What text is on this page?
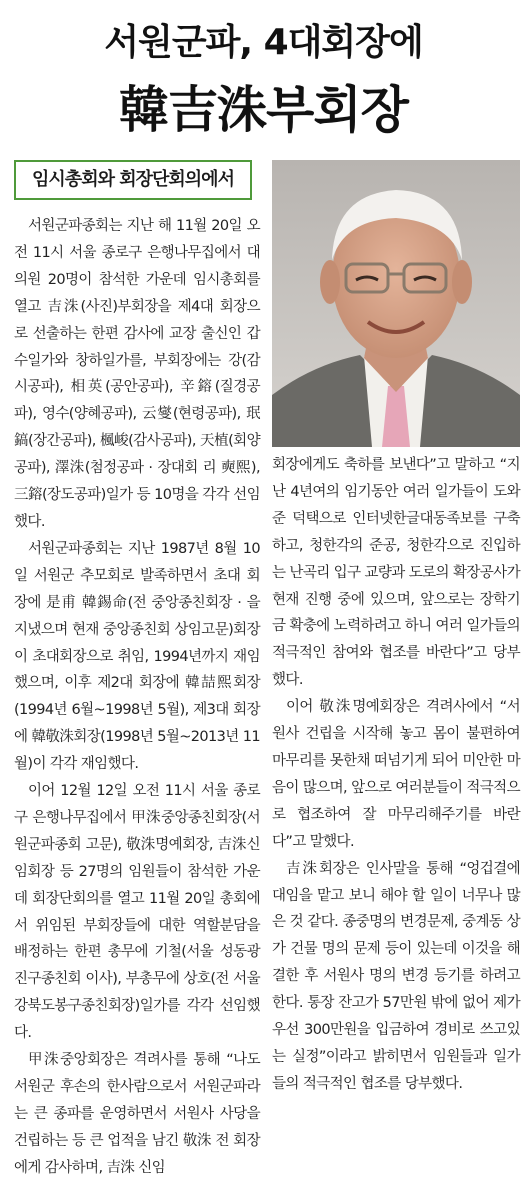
서원군파, 4대회장에
韓吉洙부회장
임시총회와 회장단회의에서

서원군파종회는 지난 해 11월 20일 오전 11시 서울 종로구 은행나무집에서 대의원 20명이 참석한 가운데 임시총회를 열고 吉洙(사진)부회장을 제4대 회장으로 선출하는 한편 감사에 교장 출신인 갑수일가와 창하일가를, 부회장에는 강(감시공파), 相英(공안공파), 辛鎔(질경공파), 영수(양혜공파), 云燮(현령공파), 珉鎬(장간공파), 楓峻(감사공파), 天植(회양공파), 澤洙(첨정공파 · 장대회 리 奭熙), 三鎔(장도공파)일가 등 10명을 각각 선임했다.

서원군파종회는 지난 1987년 8월 10일 서원군 추모회로 발족하면서 초대 회장에 是甫 韓錫命(전 중앙종친회장 · 을 지냈으며 현재 중앙종친회 상임고문)회장이 초대회장으로 취임, 1994년까지 재임했으며, 이후 제2대 회장에 韓喆熙회장(1994년 6월~1998년 5월), 제3대 회장에 韓敬洙회장(1998년 5월~2013년 11월)이 각각 재임했다.

이어 12월 12일 오전 11시 서울 종로구 은행나무집에서 甲洙중앙종친회장(서원군파종회 고문), 敬洙명예회장, 吉洙신임회장 등 27명의 임원들이 참석한 가운데 회장단회의를 열고 11월 20일 총회에서 위임된 부회장들에 대한 역할분담을 배정하는 한편 총무에 기철(서울 성동광진구종친회 이사), 부총무에 상호(전 서울 강북도봉구종친회장)일가를 각각 선임했다.

甲洙중앙회장은 격려사를 통해 “나도 서원군 후손의 한사람으로서 서원군파라는 큰 종파를 운영하면서 서원사 사당을 건립하는 등 큰 업적을 남긴 敬洙 전 회장에게 감사하며, 吉洙 신임

회장에게도 축하를 보낸다”고 말하고 “지난 4년여의 임기동안 여러 일가들이 도와준 덕택으로 인터넷한글대동족보를 구축하고, 청한각의 준공, 청한각으로 진입하는 난곡리 입구 교량과 도로의 확장공사가 현재 진행 중에 있으며, 앞으로는 장학기금 확충에 노력하려고 하니 여러 일가들의 적극적인 참여와 협조를 바란다”고 당부했다.

이어 敬洙명예회장은 격려사에서 “서원사 건립을 시작해 놓고 몸이 불편하여 마무리를 못한채 떠넘기게 되어 미안한 마음이 많으며, 앞으로 여러분들이 적극적으로 협조하여 잘 마무리해주기를 바란다”고 말했다.

吉洙회장은 인사말을 통해 “엉겁결에 대임을 맡고 보니 해야 할 일이 너무나 많은 것 같다. 종중명의 변경문제, 중계동 상가 건물 명의 문제 등이 있는데 이것을 해결한 후 서원사 명의 변경 등기를 하려고 한다. 통장 잔고가 57만원 밖에 없어 제가 우선 300만원을 입금하여 경비로 쓰고있는 실정”이라고 밝히면서 임원들과 일가들의 적극적인 협조를 당부했다.
